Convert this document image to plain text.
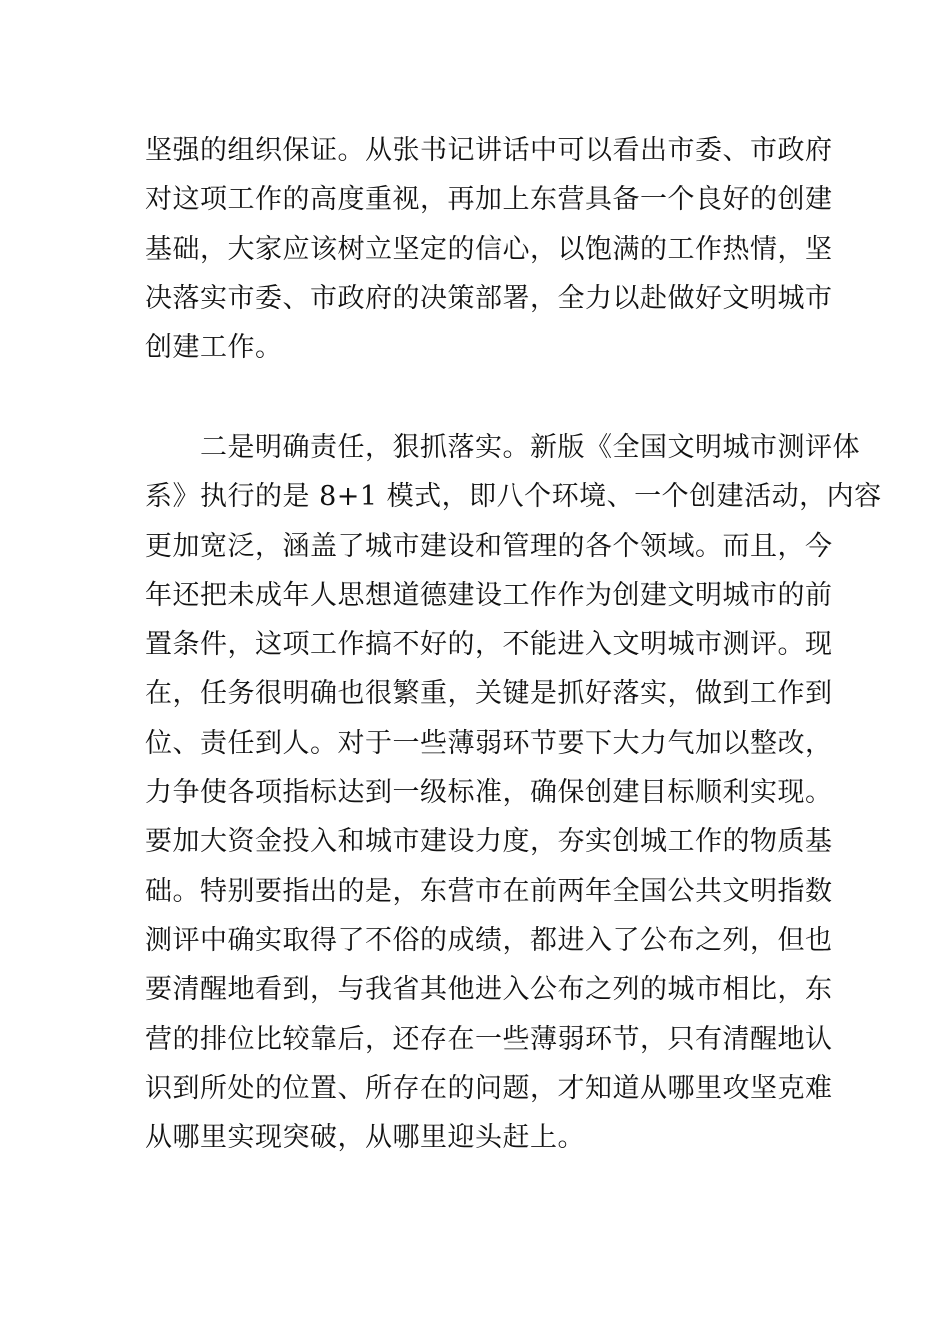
坚强的组织保证。从张书记讲话中可以看出市委、市政府
对这项工作的高度重视，再加上东营具备一个良好的创建
基础，大家应该树立坚定的信心，以饱满的工作热情，坚
决落实市委、市政府的决策部署，全力以赴做好文明城市
创建工作。
　　二是明确责任，狠抓落实。新版《全国文明城市测评体
系》执行的是 8+1 模式，即八个环境、一个创建活动，内容
更加宽泛，涵盖了城市建设和管理的各个领域。而且，今
年还把未成年人思想道德建设工作作为创建文明城市的前
置条件，这项工作搞不好的，不能进入文明城市测评。现
在，任务很明确也很繁重，关键是抓好落实，做到工作到
位、责任到人。对于一些薄弱环节要下大力气加以整改，
力争使各项指标达到一级标准，确保创建目标顺利实现。
要加大资金投入和城市建设力度，夯实创城工作的物质基
础。特别要指出的是，东营市在前两年全国公共文明指数
测评中确实取得了不俗的成绩，都进入了公布之列，但也
要清醒地看到，与我省其他进入公布之列的城市相比，东
营的排位比较靠后，还存在一些薄弱环节，只有清醒地认
识到所处的位置、所存在的问题，才知道从哪里攻坚克难
从哪里实现突破，从哪里迎头赶上。
